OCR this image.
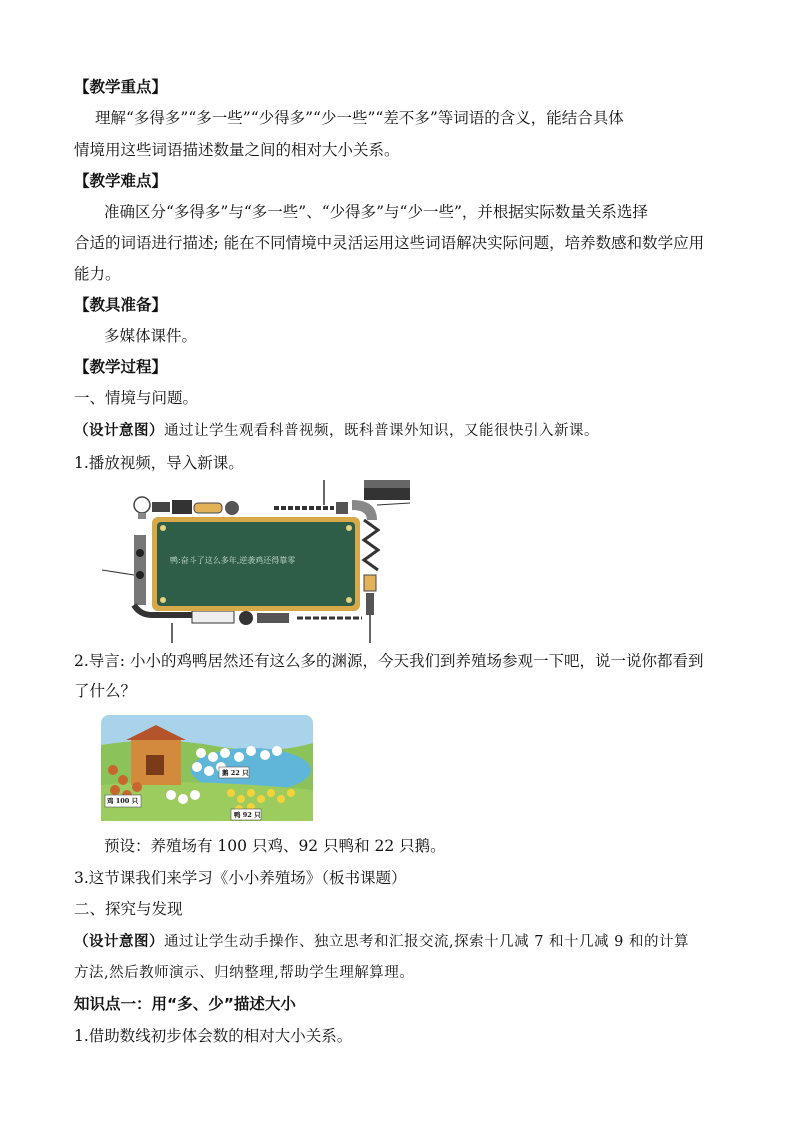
【教学重点】
理解“多得多”“多一些”“少得多”“少一些”“差不多”等词语的含义，能结合具体
情境用这些词语描述数量之间的相对大小关系。
【教学难点】
准确区分“多得多”与“多一些”、“少得多”与“少一些”，并根据实际数量关系选择
合适的词语进行描述; 能在不同情境中灵活运用这些词语解决实际问题，培养数感和数学应用
能力。
【教具准备】
多媒体课件。
【教学过程】
一、情境与问题。
（设计意图）通过让学生观看科普视频，既科普课外知识，又能很快引入新课。
1.播放视频，导入新课。
鸭:奋斗了这么多年,逆袭鸡还得靠零
2.导言: 小小的鸡鸭居然还有这么多的渊源，今天我们到养殖场参观一下吧，说一说你都看到
了什么？
鸡 100 只
鹅 22 只
鸭 92 只
预设：养殖场有 100 只鸡、92 只鸭和 22 只鹅。
3.这节课我们来学习《小小养殖场》（板书课题）
二、探究与发现
（设计意图）通过让学生动手操作、独立思考和汇报交流,探索十几减 7 和十几减 9 和的计算
方法,然后教师演示、归纳整理,帮助学生理解算理。
知识点一：用“多、少”描述大小
1.借助数线初步体会数的相对大小关系。
